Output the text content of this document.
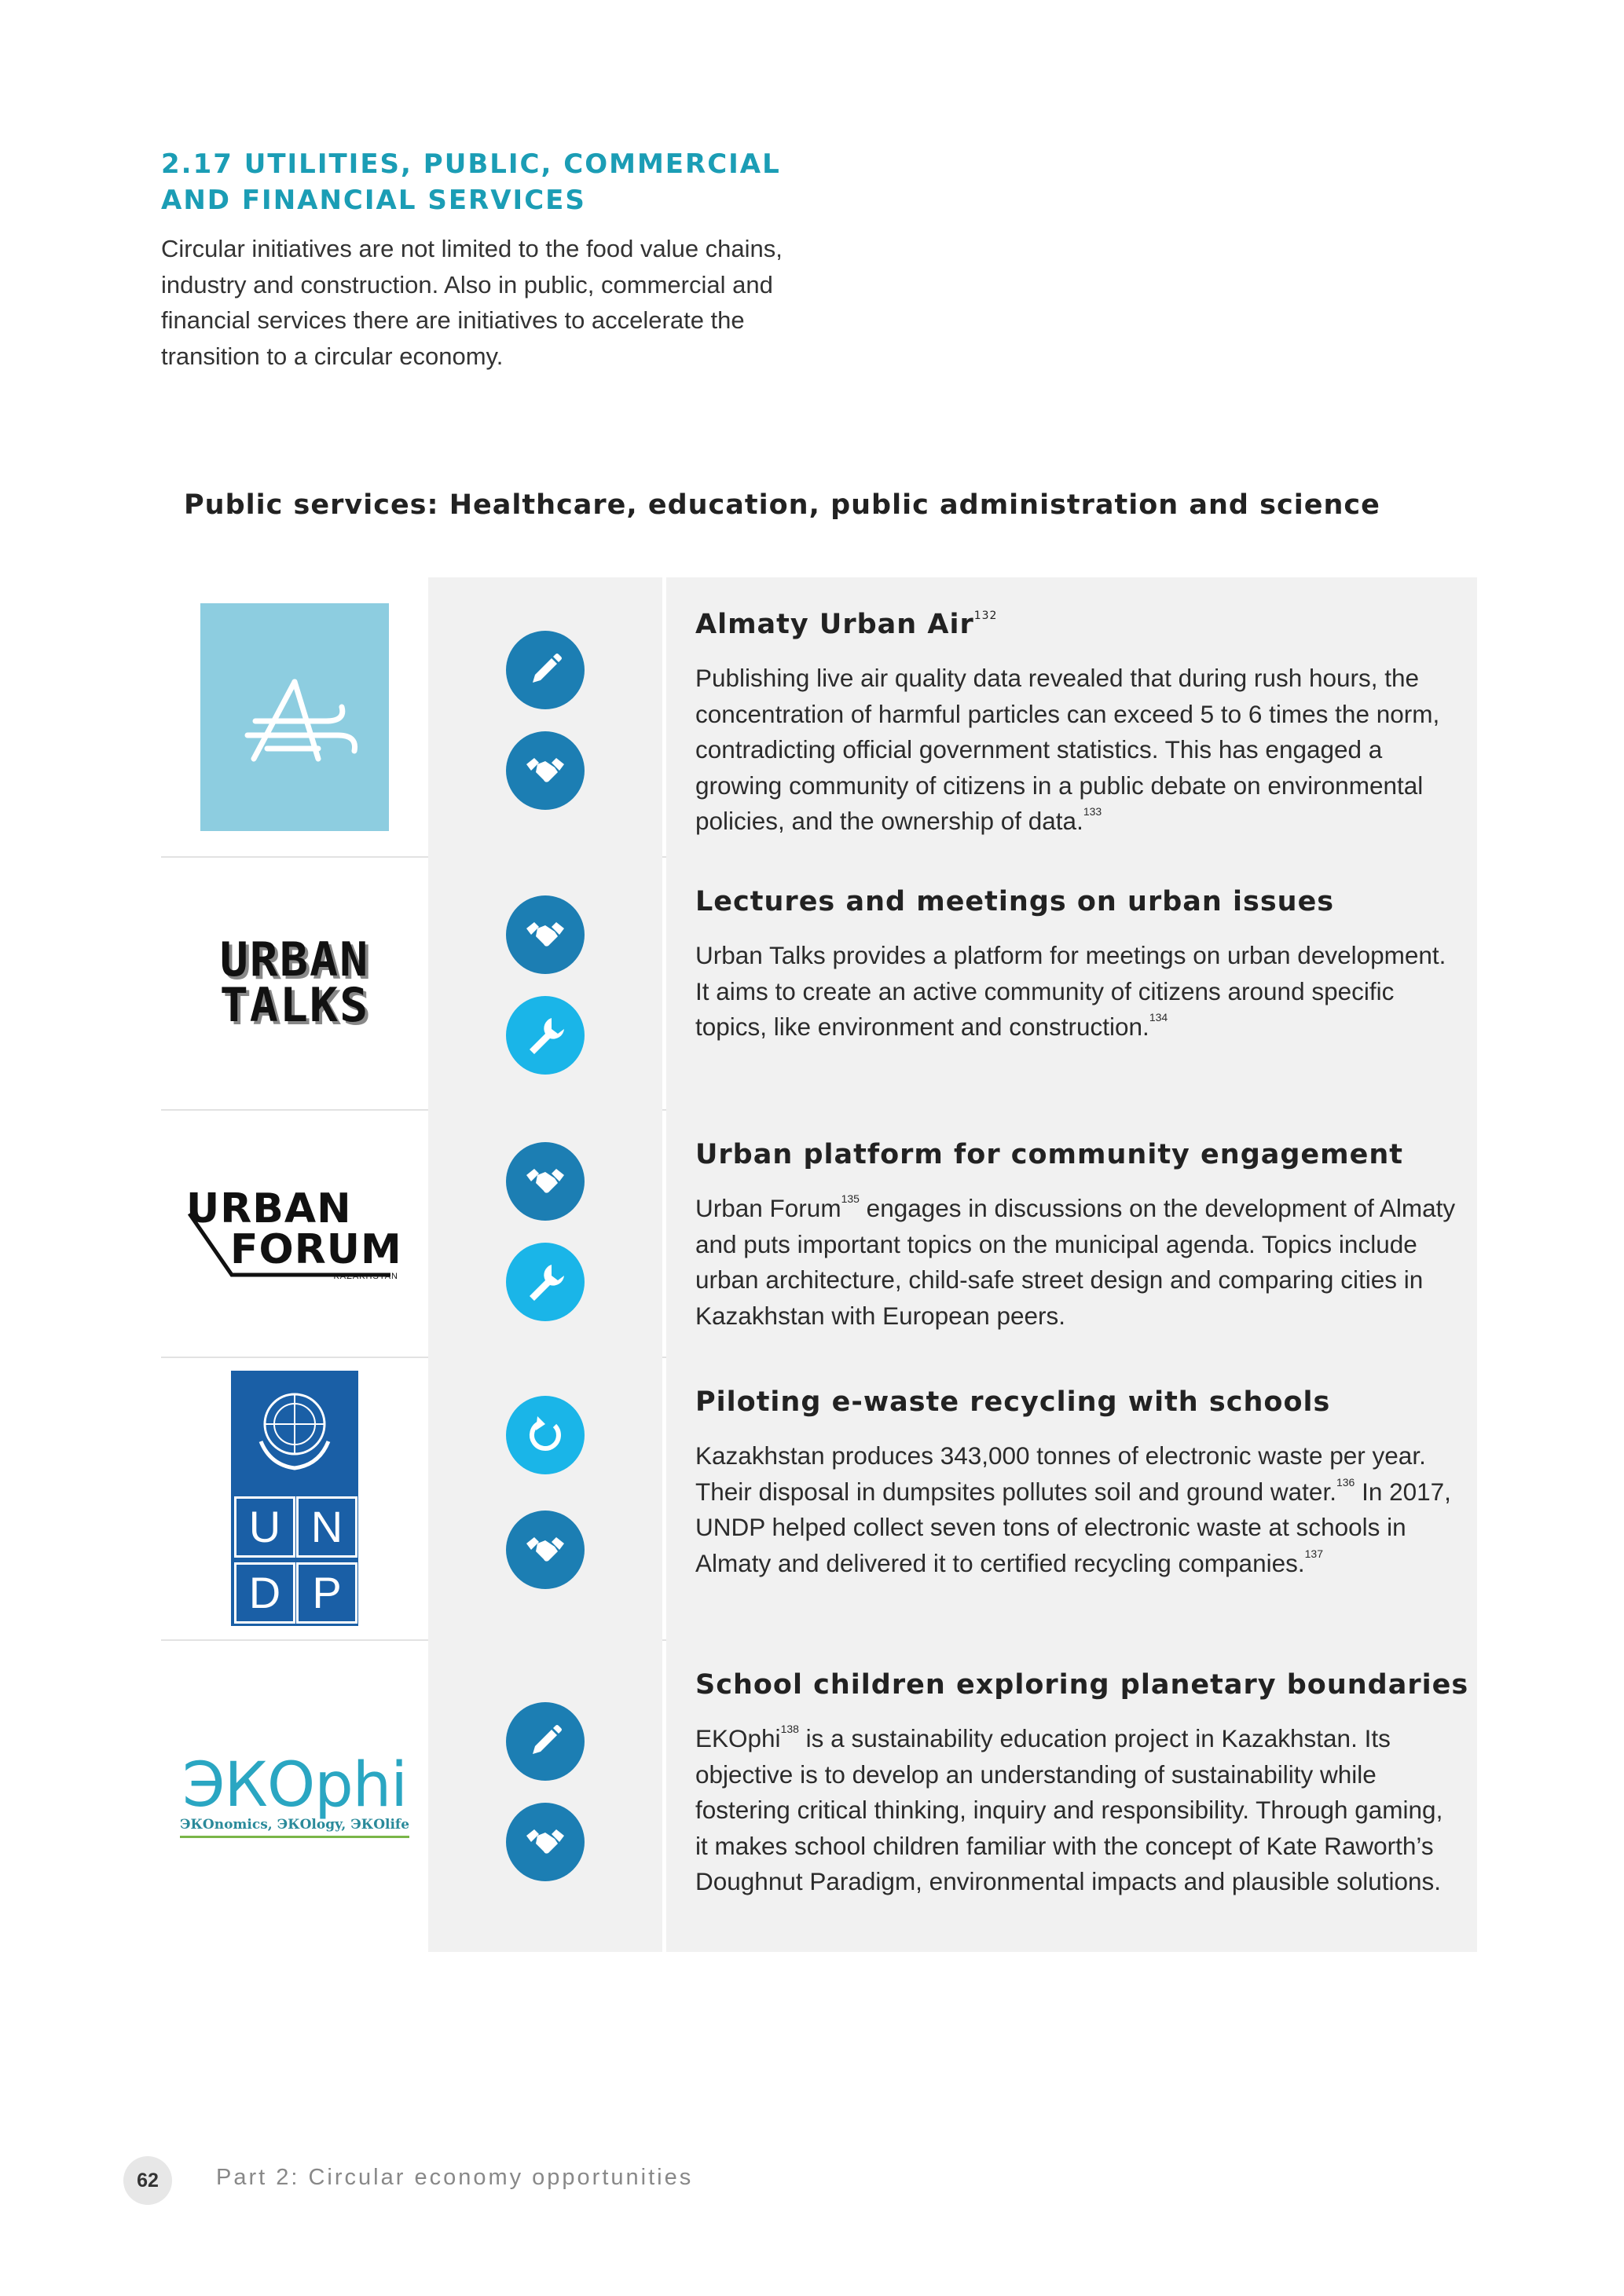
2.17 UTILITIES, PUBLIC, COMMERCIAL AND FINANCIAL SERVICES

Circular initiatives are not limited to the food value chains, industry and construction. Also in public, commercial and financial services there are initiatives to accelerate the transition to a circular economy.

Public services: Healthcare, education, public administration and science
Almaty Urban Air$^{132}$

Publishing live air quality data revealed that during rush hours, the concentration of harmful particles can exceed 5 to 6 times the norm, contradicting official government statistics. This has engaged a growing community of citizens in a public debate on environmental policies, and the ownership of data.$^{133}$

URBAN
TALKS
Lectures and meetings on urban issues

Urban Talks provides a platform for meetings on urban development. It aims to create an active community of citizens around specific topics, like environment and construction.$^{134}$

URBAN
FORUM
KAZAKHSTAN
Urban platform for community engagement

Urban Forum$^{135}$ engages in discussions on the development of Almaty and puts important topics on the municipal agenda. Topics include urban architecture, child-safe street design and comparing cities in Kazakhstan with European peers.

U N
D P
Piloting e-waste recycling with schools

Kazakhstan produces 343,000 tonnes of electronic waste per year. Their disposal in dumpsites pollutes soil and ground water.$^{136}$ In 2017, UNDP helped collect seven tons of electronic waste at schools in Almaty and delivered it to certified recycling companies.$^{137}$

ЭКOphi
ЭКOnomics, ЭКOlogy, ЭКOlife
School children exploring planetary boundaries

EKOphi$^{138}$ is a sustainability education project in Kazakhstan. Its objective is to develop an understanding of sustainability while fostering critical thinking, inquiry and responsibility. Through gaming, it makes school children familiar with the concept of Kate Raworth’s Doughnut Paradigm, environmental impacts and plausible solutions.

62	Part 2: Circular economy opportunities
